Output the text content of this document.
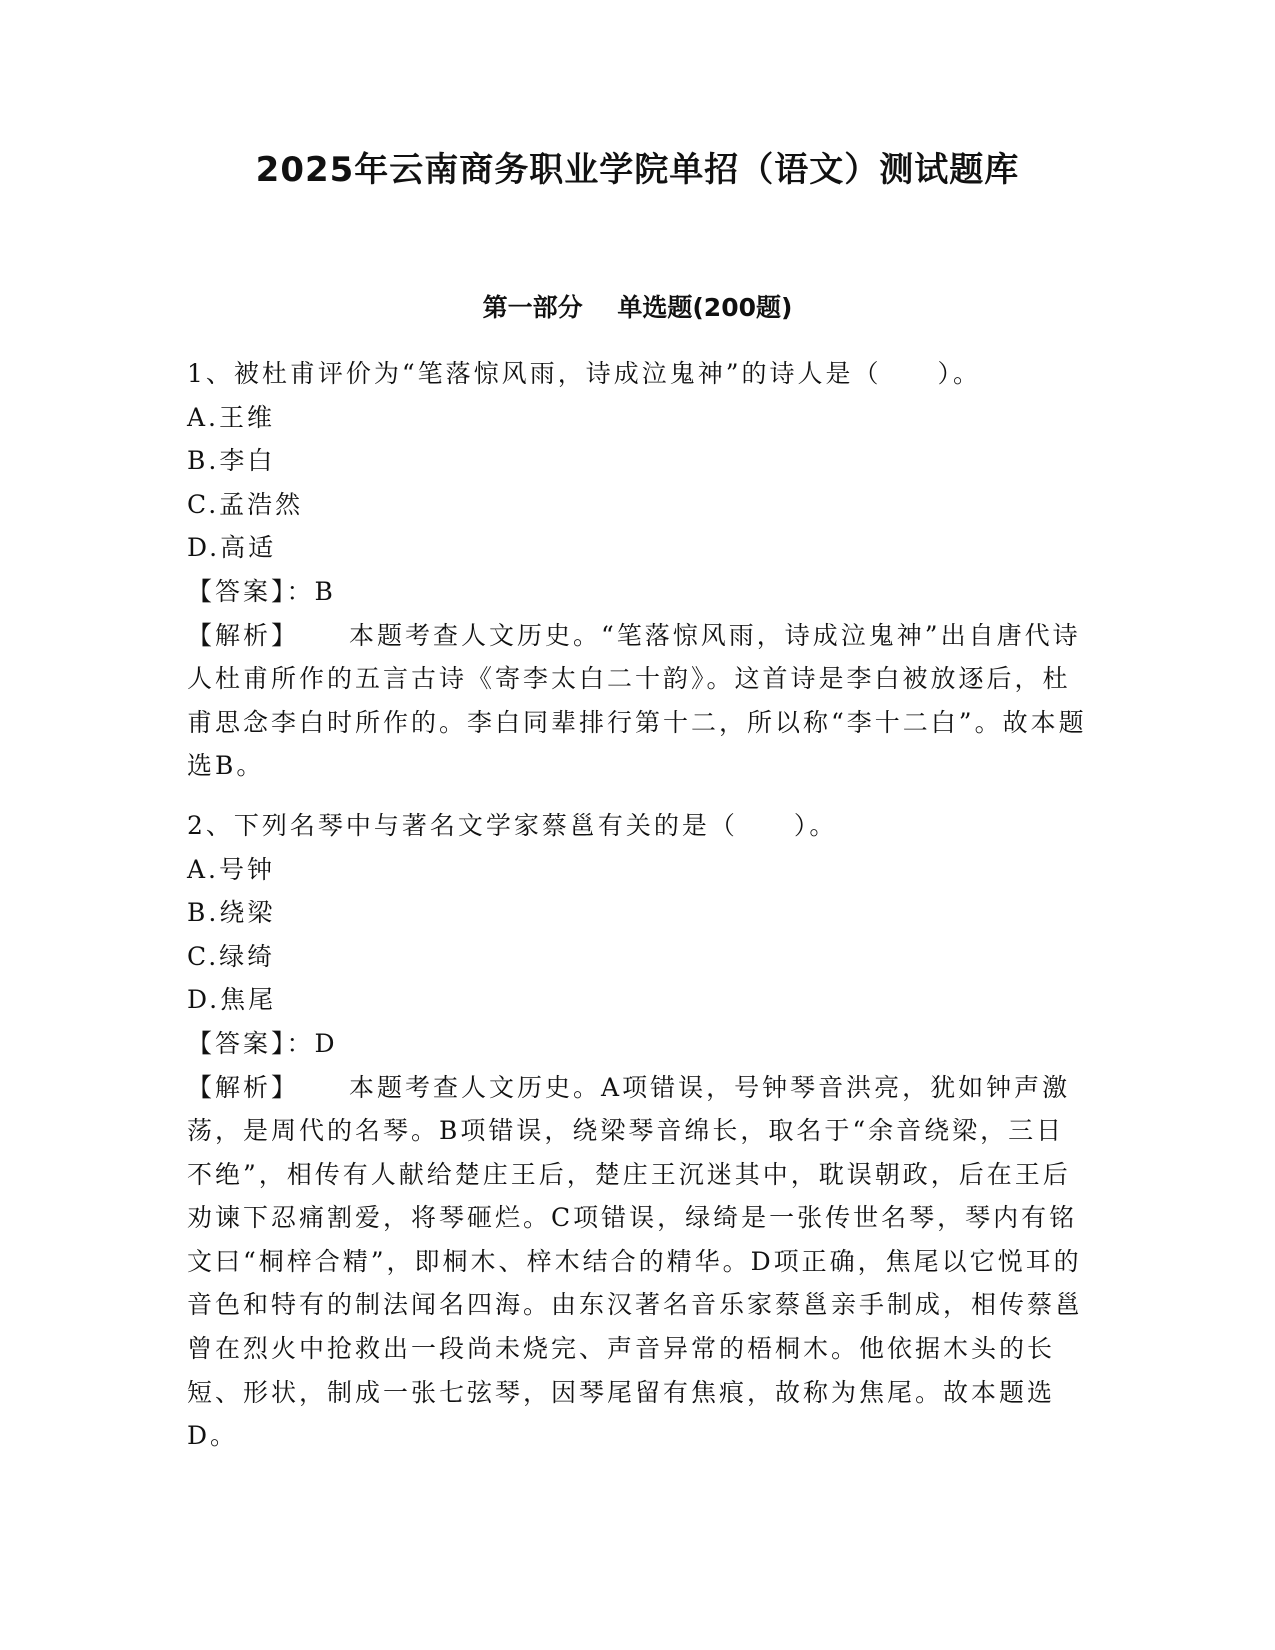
2025年云南商务职业学院单招（语文）测试题库
第一部分    单选题(200题)

1、被杜甫评价为“笔落惊风雨，诗成泣鬼神”的诗人是（　　）。

A.王维

B.李白

C.孟浩然

D.高适

【答案】：B

【解析】 本题考查人文历史。“笔落惊风雨，诗成泣鬼神”出自唐代诗人杜甫所作的五言古诗《寄李太白二十韵》。这首诗是李白被放逐后，杜甫思念李白时所作的。李白同辈排行第十二，所以称“李十二白”。故本题选B。

2、下列名琴中与著名文学家蔡邕有关的是（　　）。

A.号钟

B.绕梁

C.绿绮

D.焦尾

【答案】：D

【解析】 本题考查人文历史。A项错误，号钟琴音洪亮，犹如钟声激荡，是周代的名琴。B项错误，绕梁琴音绵长，取名于“余音绕梁，三日不绝”，相传有人献给楚庄王后，楚庄王沉迷其中，耽误朝政，后在王后劝谏下忍痛割爱，将琴砸烂。C项错误，绿绮是一张传世名琴，琴内有铭文曰“桐梓合精”，即桐木、梓木结合的精华。D项正确，焦尾以它悦耳的音色和特有的制法闻名四海。由东汉著名音乐家蔡邕亲手制成，相传蔡邕曾在烈火中抢救出一段尚未烧完、声音异常的梧桐木。他依据木头的长短、形状，制成一张七弦琴，因琴尾留有焦痕，故称为焦尾。故本题选D。
